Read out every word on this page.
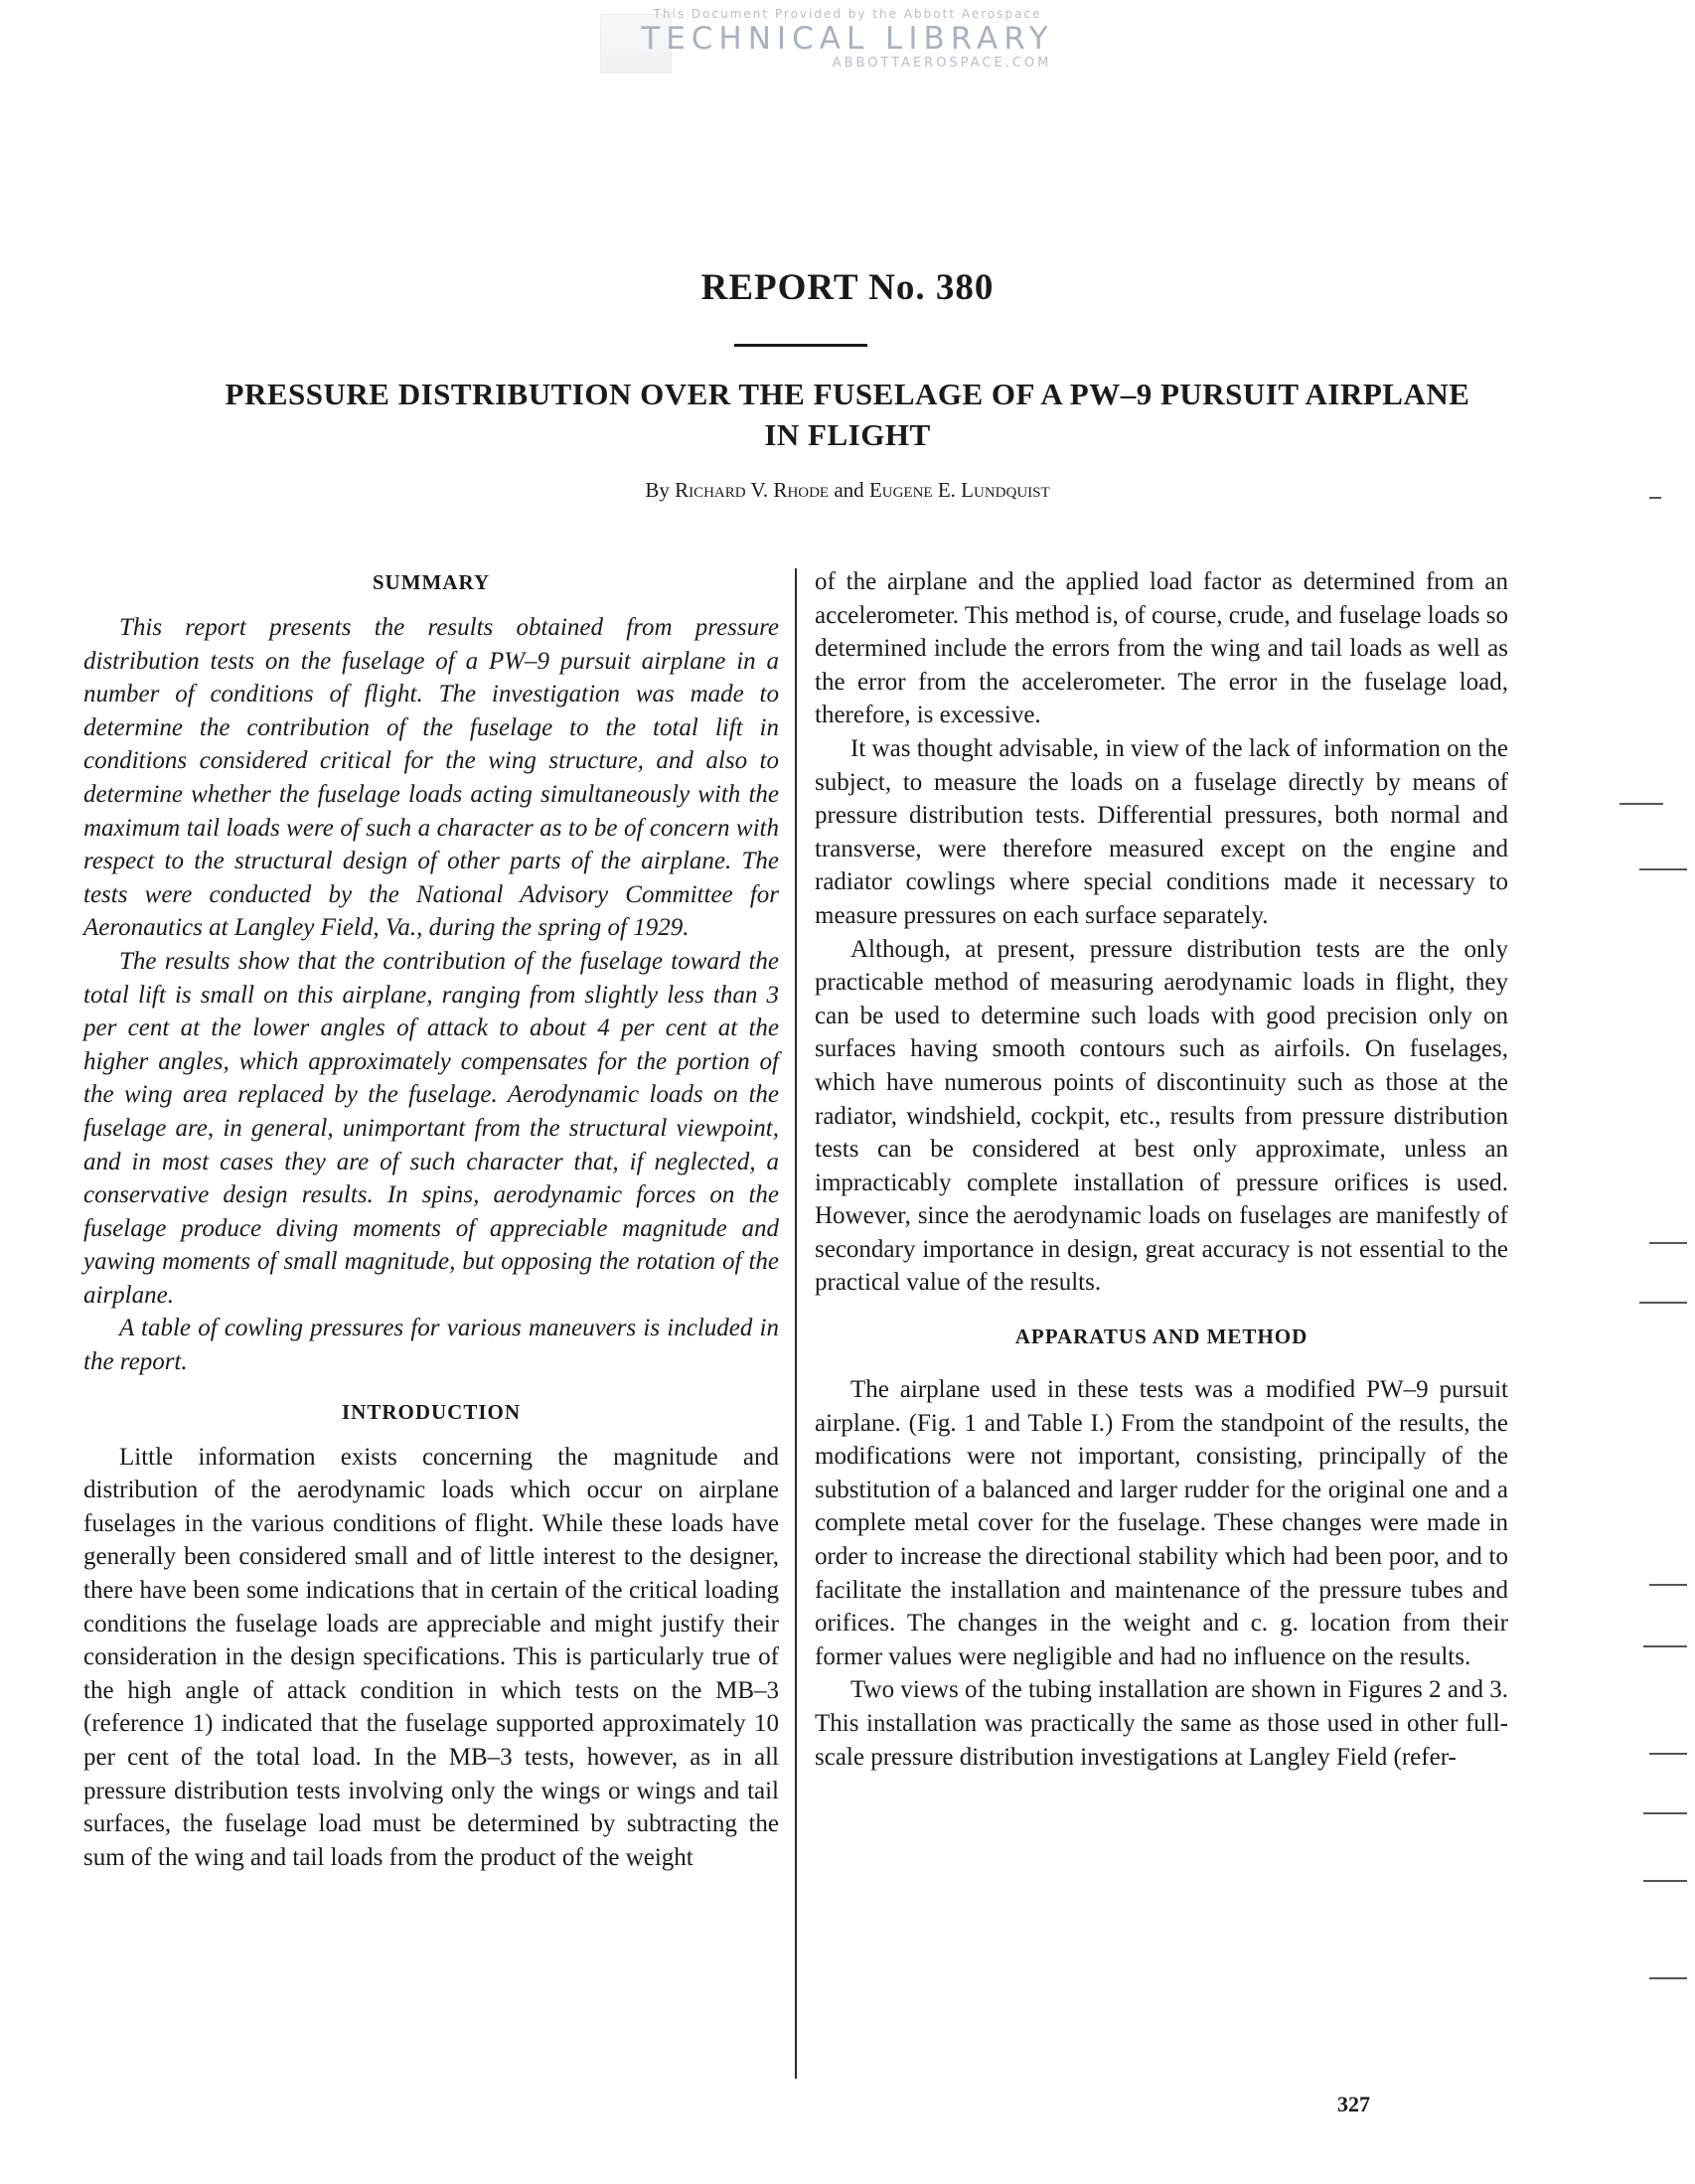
This Document Provided by the Abbott Aerospace
TECHNICAL LIBRARY
ABBOTTAEROSPACE.COM
REPORT No. 380
PRESSURE DISTRIBUTION OVER THE FUSELAGE OF A PW–9 PURSUIT AIRPLANE
IN FLIGHT
By Richard V. Rhode and Eugene E. Lundquist
SUMMARY

This report presents the results obtained from pressure distribution tests on the fuselage of a PW–9 pursuit airplane in a number of conditions of flight. The investigation was made to determine the contribution of the fuselage to the total lift in conditions considered critical for the wing structure, and also to determine whether the fuselage loads acting simultaneously with the maximum tail loads were of such a character as to be of concern with respect to the structural design of other parts of the airplane. The tests were conducted by the National Advisory Committee for Aeronautics at Langley Field, Va., during the spring of 1929.

The results show that the contribution of the fuselage toward the total lift is small on this airplane, ranging from slightly less than 3 per cent at the lower angles of attack to about 4 per cent at the higher angles, which approximately compensates for the portion of the wing area replaced by the fuselage. Aerodynamic loads on the fuselage are, in general, unimportant from the structural viewpoint, and in most cases they are of such character that, if neglected, a conservative design results. In spins, aerodynamic forces on the fuselage produce diving moments of appreciable magnitude and yawing moments of small magnitude, but opposing the rotation of the airplane.

A table of cowling pressures for various maneuvers is included in the report.

INTRODUCTION

Little information exists concerning the magnitude and distribution of the aerodynamic loads which occur on airplane fuselages in the various conditions of flight. While these loads have generally been considered small and of little interest to the designer, there have been some indications that in certain of the critical loading conditions the fuselage loads are appreciable and might justify their consideration in the design specifications. This is particularly true of the high angle of attack condition in which tests on the MB–3 (reference 1) indicated that the fuselage supported approximately 10 per cent of the total load. In the MB–3 tests, however, as in all pressure distribution tests involving only the wings or wings and tail surfaces, the fuselage load must be determined by subtracting the sum of the wing and tail loads from the product of the weight

of the airplane and the applied load factor as determined from an accelerometer. This method is, of course, crude, and fuselage loads so determined include the errors from the wing and tail loads as well as the error from the accelerometer. The error in the fuselage load, therefore, is excessive.

It was thought advisable, in view of the lack of information on the subject, to measure the loads on a fuselage directly by means of pressure distribution tests. Differential pressures, both normal and transverse, were therefore measured except on the engine and radiator cowlings where special conditions made it necessary to measure pressures on each surface separately.

Although, at present, pressure distribution tests are the only practicable method of measuring aerodynamic loads in flight, they can be used to determine such loads with good precision only on surfaces having smooth contours such as airfoils. On fuselages, which have numerous points of discontinuity such as those at the radiator, windshield, cockpit, etc., results from pressure distribution tests can be considered at best only approximate, unless an impracticably complete installation of pressure orifices is used. However, since the aerodynamic loads on fuselages are manifestly of secondary importance in design, great accuracy is not essential to the practical value of the results.

APPARATUS AND METHOD

The airplane used in these tests was a modified PW–9 pursuit airplane. (Fig. 1 and Table I.) From the standpoint of the results, the modifications were not important, consisting, principally of the substitution of a balanced and larger rudder for the original one and a complete metal cover for the fuselage. These changes were made in order to increase the directional stability which had been poor, and to facilitate the installation and maintenance of the pressure tubes and orifices. The changes in the weight and c. g. location from their former values were negligible and had no influence on the results.

Two views of the tubing installation are shown in Figures 2 and 3. This installation was practically the same as those used in other full-scale pressure distribution investigations at Langley Field (refer-

327
